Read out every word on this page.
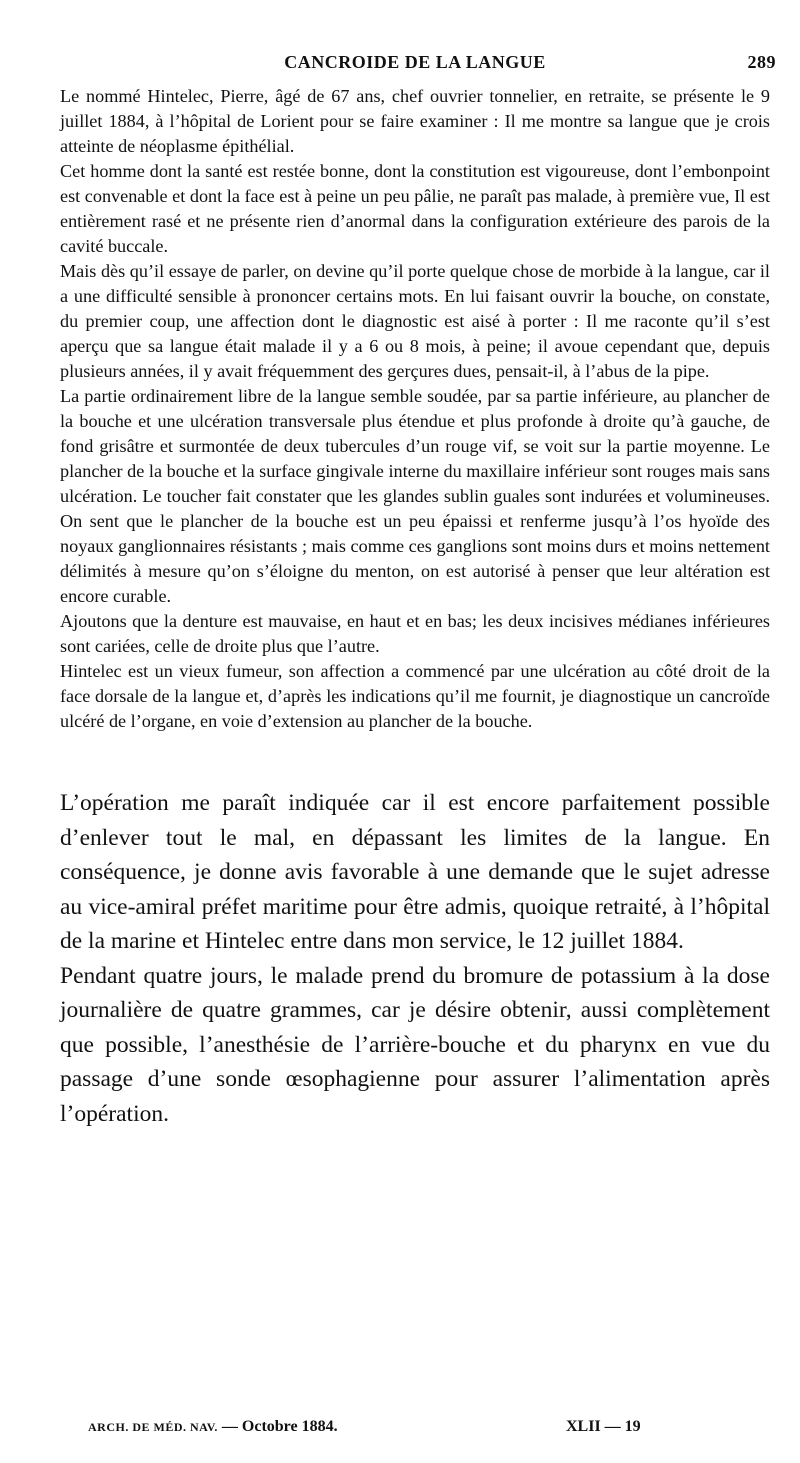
CANCROIDE DE LA LANGUE	289

Le nommé Hintelec, Pierre, âgé de 67 ans, chef ouvrier tonnelier, en retraite, se présente le 9 juillet 1884, à l’hôpital de Lorient pour se faire examiner : Il me montre sa langue que je crois atteinte de néoplasme épithélial.

Cet homme dont la santé est restée bonne, dont la constitution est vigoureuse, dont l’embonpoint est convenable et dont la face est à peine un peu pâlie, ne paraît pas malade, à première vue, Il est entièrement rasé et ne présente rien d’anormal dans la configuration extérieure des parois de la cavité buccale.

Mais dès qu’il essaye de parler, on devine qu’il porte quelque chose de morbide à la langue, car il a une difficulté sensible à prononcer certains mots. En lui faisant ouvrir la bouche, on constate, du premier coup, une affection dont le diagnostic est aisé à porter : Il me raconte qu’il s’est aperçu que sa langue était malade il y a 6 ou 8 mois, à peine; il avoue cependant que, depuis plusieurs années, il y avait fréquemment des gerçures dues, pensait-il, à l’abus de la pipe.

La partie ordinairement libre de la langue semble soudée, par sa partie inférieure, au plancher de la bouche et une ulcération transversale plus étendue et plus profonde à droite qu’à gauche, de fond grisâtre et surmontée de deux tubercules d’un rouge vif, se voit sur la partie moyenne. Le plancher de la bouche et la surface gingivale interne du maxillaire inférieur sont rouges mais sans ulcération. Le toucher fait constater que les glandes sublin guales sont indurées et volumineuses. On sent que le plancher de la bouche est un peu épaissi et renferme jusqu’à l’os hyoïde des noyaux ganglionnaires résistants ; mais comme ces ganglions sont moins durs et moins nettement délimités à mesure qu’on s’éloigne du menton, on est autorisé à penser que leur altération est encore curable.

Ajoutons que la denture est mauvaise, en haut et en bas; les deux incisives médianes inférieures sont cariées, celle de droite plus que l’autre.

Hintelec est un vieux fumeur, son affection a commencé par une ulcération au côté droit de la face dorsale de la langue et, d’après les indications qu’il me fournit, je diagnostique un cancroïde ulcéré de l’organe, en voie d’extension au plancher de la bouche.

L’opération me paraît indiquée car il est encore parfaitement possible d’enlever tout le mal, en dépassant les limites de la langue. En conséquence, je donne avis favorable à une demande que le sujet adresse au vice-amiral préfet maritime pour être admis, quoique retraité, à l’hôpital de la marine et Hintelec entre dans mon service, le 12 juillet 1884.

Pendant quatre jours, le malade prend du bromure de potassium à la dose journalière de quatre grammes, car je désire obtenir, aussi complètement que possible, l’anesthésie de l’arrière-bouche et du pharynx en vue du passage d’une sonde œsophagienne pour assurer l’alimentation après l’opération.

ARCH. DE MÉD. NAV. — Octobre 1884.	XLII — 19
